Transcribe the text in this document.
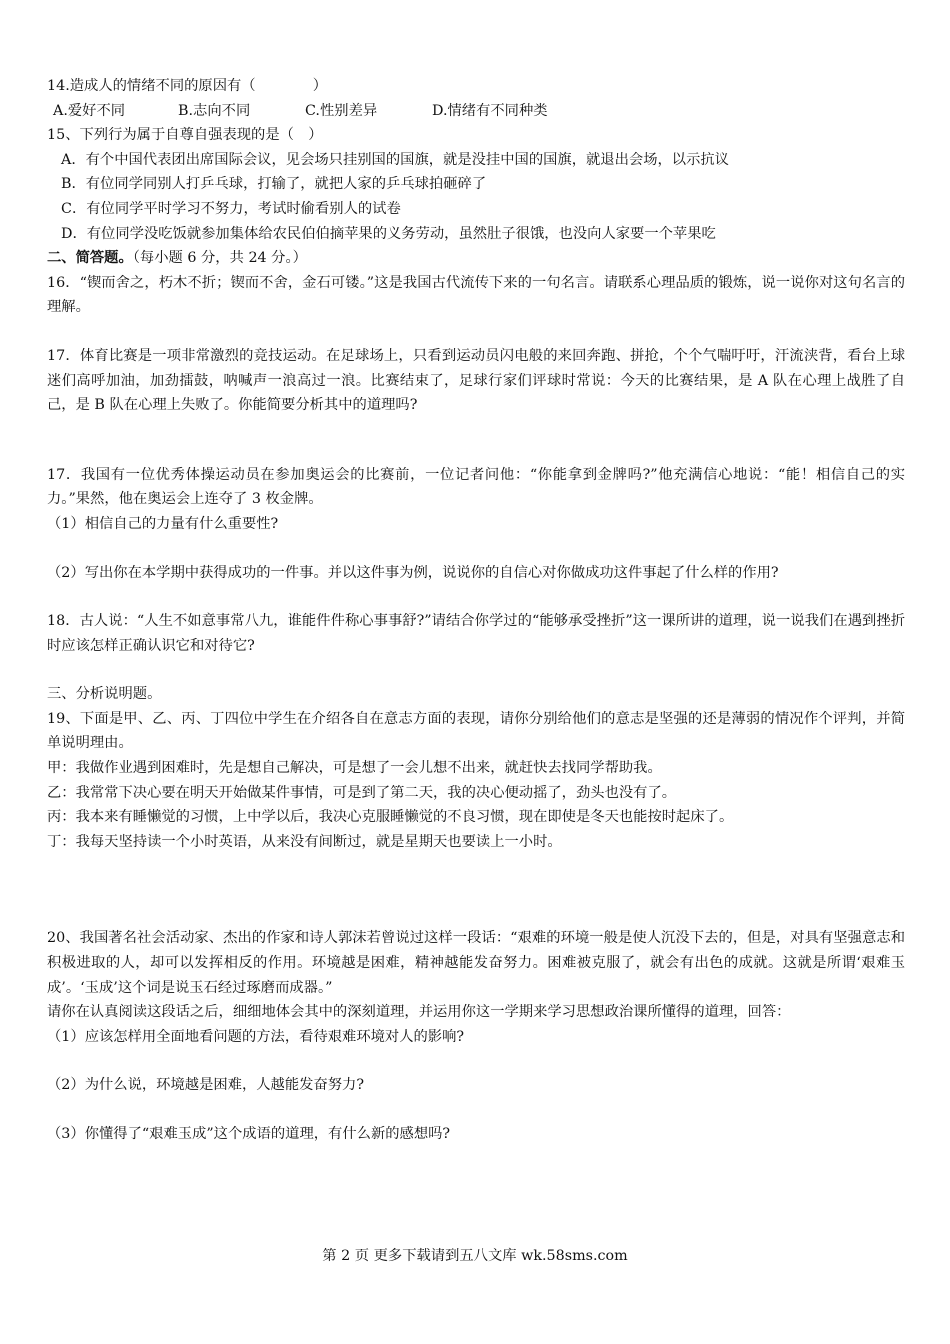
14.造成人的情绪不同的原因有（　　　　）
A.爱好不同	B.志向不同	C.性别差异	D.情绪有不同种类
15、下列行为属于自尊自强表现的是（　）
A．有个中国代表团出席国际会议，见会场只挂别国的国旗，就是没挂中国的国旗，就退出会场，以示抗议
B．有位同学同别人打乒乓球，打输了，就把人家的乒乓球拍砸碎了
C．有位同学平时学习不努力，考试时偷看别人的试卷
D．有位同学没吃饭就参加集体给农民伯伯摘苹果的义务劳动，虽然肚子很饿，也没向人家要一个苹果吃
二、简答题。（每小题 6 分，共 24 分。）
16．“锲而舍之，朽木不折；锲而不舍，金石可镂。”这是我国古代流传下来的一句名言。请联系心理品质的锻炼，说一说你对这句名言的理解。
17．体育比赛是一项非常激烈的竞技运动。在足球场上，只看到运动员闪电般的来回奔跑、拼抢，个个气喘吁吁，汗流浃背，看台上球迷们高呼加油，加劲擂鼓，呐喊声一浪高过一浪。比赛结束了，足球行家们评球时常说：今天的比赛结果，是 A 队在心理上战胜了自己，是 B 队在心理上失败了。你能简要分析其中的道理吗?
17．我国有一位优秀体操运动员在参加奥运会的比赛前，一位记者问他：“你能拿到金牌吗?”他充满信心地说：“能！相信自己的实力。”果然，他在奥运会上连夺了 3 枚金牌。
（1）相信自己的力量有什么重要性?
（2）写出你在本学期中获得成功的一件事。并以这件事为例，说说你的自信心对你做成功这件事起了什么样的作用?
18．古人说：“人生不如意事常八九，谁能件件称心事事舒?”请结合你学过的“能够承受挫折”这一课所讲的道理，说一说我们在遇到挫折时应该怎样正确认识它和对待它?
三、分析说明题。
19、下面是甲、乙、丙、丁四位中学生在介绍各自在意志方面的表现，请你分别给他们的意志是坚强的还是薄弱的情况作个评判，并简单说明理由。
甲：我做作业遇到困难时，先是想自己解决，可是想了一会儿想不出来，就赶快去找同学帮助我。
乙：我常常下决心要在明天开始做某件事情，可是到了第二天，我的决心便动摇了，劲头也没有了。
丙：我本来有睡懒觉的习惯，上中学以后，我决心克服睡懒觉的不良习惯，现在即使是冬天也能按时起床了。
丁：我每天坚持读一个小时英语，从来没有间断过，就是星期天也要读上一小时。
20、我国著名社会活动家、杰出的作家和诗人郭沫若曾说过这样一段话：“艰难的环境一般是使人沉没下去的，但是，对具有坚强意志和积极进取的人，却可以发挥相反的作用。环境越是困难，精神越能发奋努力。困难被克服了，就会有出色的成就。这就是所谓‘艰难玉成’。‘玉成’这个词是说玉石经过琢磨而成器。”
请你在认真阅读这段话之后，细细地体会其中的深刻道理，并运用你这一学期来学习思想政治课所懂得的道理，回答：
（1）应该怎样用全面地看问题的方法，看待艰难环境对人的影响?
（2）为什么说，环境越是困难，人越能发奋努力?
（3）你懂得了“艰难玉成”这个成语的道理，有什么新的感想吗?
第 2 页 更多下载请到五八文库 wk.58sms.com
